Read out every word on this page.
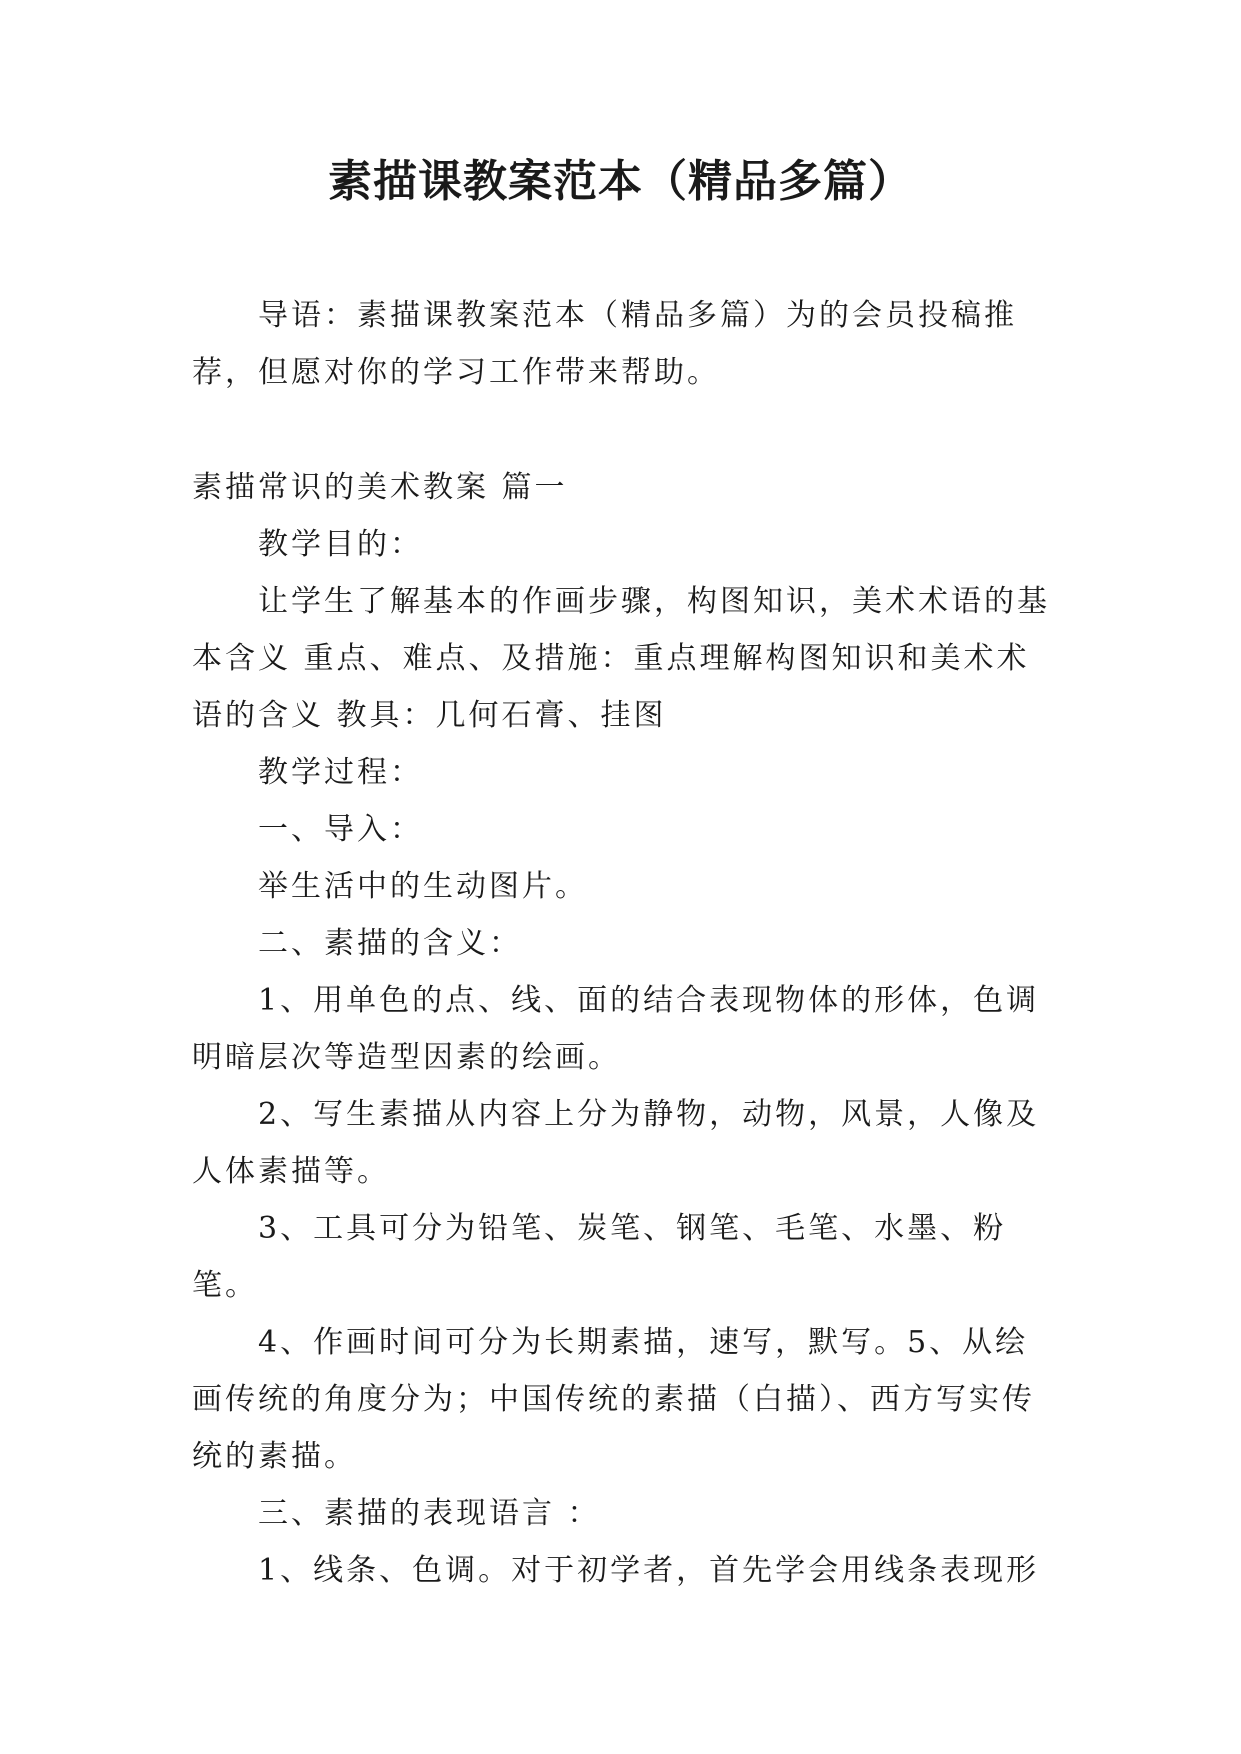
素描课教案范本（精品多篇）

导语：素描课教案范本（精品多篇）为的会员投稿推荐，但愿对你的学习工作带来帮助。

素描常识的美术教案 篇一

教学目的：

让学生了解基本的作画步骤，构图知识，美术术语的基本含义 重点、难点、及措施：重点理解构图知识和美术术语的含义 教具：几何石膏、挂图

教学过程：

一、导入：

举生活中的生动图片。

二、素描的含义：

1、用单色的点、线、面的结合表现物体的形体，色调明暗层次等造型因素的绘画。

2、写生素描从内容上分为静物，动物，风景，人像及人体素描等。

3、工具可分为铅笔、炭笔、钢笔、毛笔、水墨、粉笔。

4、作画时间可分为长期素描，速写，默写。5、从绘画传统的角度分为；中国传统的素描（白描）、西方写实传统的素描。

三、素描的表现语言 ：

1、线条、色调。对于初学者，首先学会用线条表现形
